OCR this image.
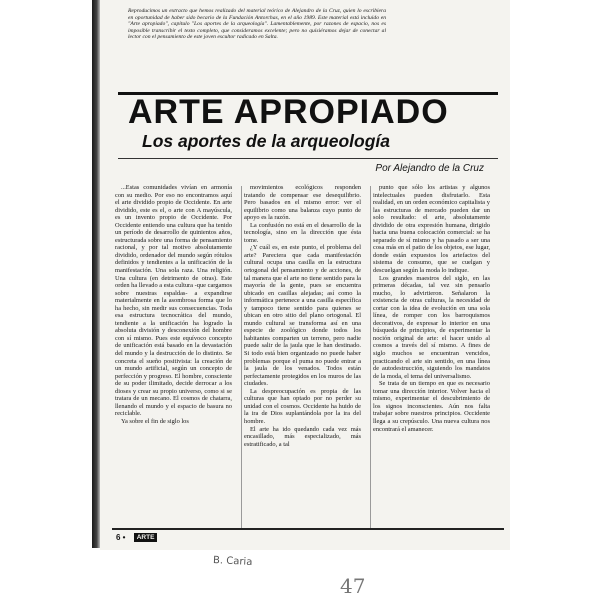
Reproducimos un extracto que hemos realizado del material teórico de Alejandro de la Cruz, quien lo escribiera en oportunidad de haber sido becario de la Fundación Antorchas, en el año 1989. Este material está incluido en "Arte apropiado", capítulo "Los aportes de la arqueología". Lamentablemente, por razones de espacio, nos es imposible transcribir el texto completo, que consideramos excelente; pero no quisiéramos dejar de conectar al lector con el pensamiento de este joven escultor radicado en Salta.

ARTE APROPIADO
Los aportes de la arqueología

Por Alejandro de la Cruz

...Estas comunidades vivían en armonía con su medio. Por eso no encontramos aquí el arte dividido propio de Occidente. En arte dividido, este es el, o arte con A mayúscula, es un invento propio de Occidente. Por Occidente entiendo una cultura que ha tenido un período de desarrollo de quinientos años, estructurada sobre una forma de pensamiento racional, y por tal motivo absolutamente dividido, ordenador del mundo según rótulos definidos y tendientes a la unificación de la manifestación. Una sola raza. Una religión. Una cultura (en detrimento de otras). Este orden ha llevado a esta cultura -que cargamos sobre nuestras espaldas- a expandirse materialmente en la asombrosa forma que lo ha hecho, sin medir sus consecuencias. Toda esa estructura tecnocrática del mundo, tendiente a la unificación ha logrado la absoluta división y desconexión del hombre con sí mismo. Pues este equívoco concepto de unificación está basado en la devastación del mundo y la destrucción de lo distinto. Se concreta el sueño positivista: la creación de un mundo artificial, según un concepto de perfección y progreso. El hombre, consciente de su poder ilimitado, decide derrocar a los dioses y crear su propio universo, como si se tratara de un mecano. El cosmos de chatarra, llenando el mundo y el espacio de basura no reciclable.

Ya sobre el fin de siglo los

movimientos ecológicos responden tratando de compensar ese desequilibrio. Pero basados en el mismo error: ver el equilibrio como una balanza cuyo punto de apoyo es la razón.

La confusión no está en el desarrollo de la tecnología, sino en la dirección que ésta tome.

¿Y cuál es, en este punto, el problema del arte? Pareciera que cada manifestación cultural ocupa una casilla en la estructura ortogonal del pensamiento y de acciones, de tal manera que el arte no tiene sentido para la mayoría de la gente, pues se encuentra ubicado en casillas alejadas; así como la informática pertenece a una casilla específica y tampoco tiene sentido para quienes se ubican en otro sitio del plano ortogonal. El mundo cultural se transforma así en una especie de zoológico donde todos los habitantes comparten un terreno, pero nadie puede salir de la jaula que le han destinado. Si todo está bien organizado no puede haber problemas porque el puma no puede entrar a la jaula de los venados. Todos están perfectamente protegidos en los muros de las ciudades.

La despreocupación es propia de las culturas que han optado por no perder su unidad con el cosmos. Occidente ha huido de la ira de Dios suplantándola por la ira del hombre.

El arte ha ido quedando cada vez más encasillado, más especializado, más estratificado, a tal

punto que sólo los artistas y algunos intelectuales pueden disfrutarlo. Esta realidad, en un orden económico capitalista y las estructuras de mercado pueden dar un solo resultado: el arte, absolutamente dividido de otra expresión humana, dirigido hacia una buena colocación comercial: se ha separado de sí mismo y ha pasado a ser una cosa más en el patio de los objetos, ese lugar, donde están expuestos los artefactos del sistema de consumo, que se cuelgan y descuelgan según la moda lo indique.

Los grandes maestros del siglo, en las primeras décadas, tal vez sin pensarlo mucho, lo advirtieron. Señalaron la existencia de otras culturas, la necesidad de cortar con la idea de evolución en una sola línea, de romper con los barroquismos decorativos, de expresar lo interior en una búsqueda de principios, de experimentar la noción original de arte: el hacer unido al cosmos a través del sí mismo. A fines de siglo muchos se encuentran vencidos, practicando el arte sin sentido, en una línea de autodestrucción, siguiendo los mandatos de la moda, el tema del universalismo.

Se trata de un tiempo en que es necesario tomar una dirección interior. Volver hacia el mismo, experimentar el descubrimiento de los signos inconscientes. Aún nos falta trabajar sobre nuestros principios. Occidente llega a su crepúsculo. Una nueva cultura nos encontrará el amanecer.

6 • ARTE

B. Caria

47
